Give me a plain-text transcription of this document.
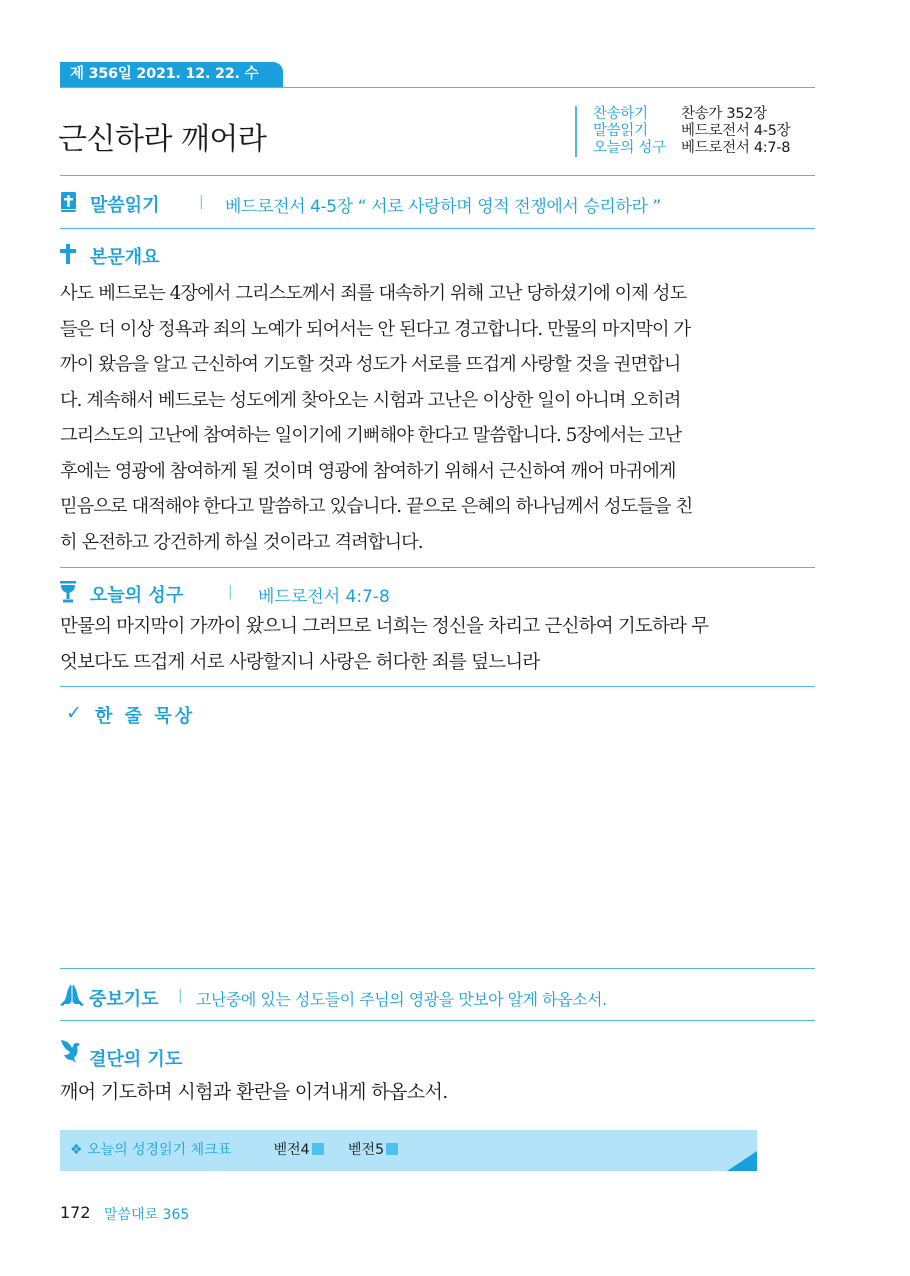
제 356일 2021. 12. 22. 수
근신하라 깨어라
찬송하기	찬송가 352장
말씀읽기	베드로전서 4-5장
오늘의 성구	베드로전서 4:7-8
말씀읽기	| 베드로전서 4-5장 “ 서로 사랑하며 영적 전쟁에서 승리하라 ”
본문개요
사도 베드로는 4장에서 그리스도께서 죄를 대속하기 위해 고난 당하셨기에 이제 성도
들은 더 이상 정욕과 죄의 노예가 되어서는 안 된다고 경고합니다. 만물의 마지막이 가
까이 왔음을 알고 근신하여 기도할 것과 성도가 서로를 뜨겁게 사랑할 것을 권면합니
다. 계속해서 베드로는 성도에게 찾아오는 시험과 고난은 이상한 일이 아니며 오히려
그리스도의 고난에 참여하는 일이기에 기뻐해야 한다고 말씀합니다. 5장에서는 고난
후에는 영광에 참여하게 될 것이며 영광에 참여하기 위해서 근신하여 깨어 마귀에게
믿음으로 대적해야 한다고 말씀하고 있습니다. 끝으로 은혜의 하나님께서 성도들을 친
히 온전하고 강건하게 하실 것이라고 격려합니다.
오늘의 성구	| 베드로전서 4:7-8
만물의 마지막이 가까이 왔으니 그러므로 너희는 정신을 차리고 근신하여 기도하라 무
엇보다도 뜨겁게 서로 사랑할지니 사랑은 허다한 죄를 덮느니라
✓ 한 줄 묵상
중보기도 | 고난중에 있는 성도들이 주님의 영광을 맛보아 알게 하옵소서.
결단의 기도
깨어 기도하며 시험과 환란을 이겨내게 하옵소서.
❖ 오늘의 성경읽기 체크표	벧전4	벧전5
172 말씀대로 365
